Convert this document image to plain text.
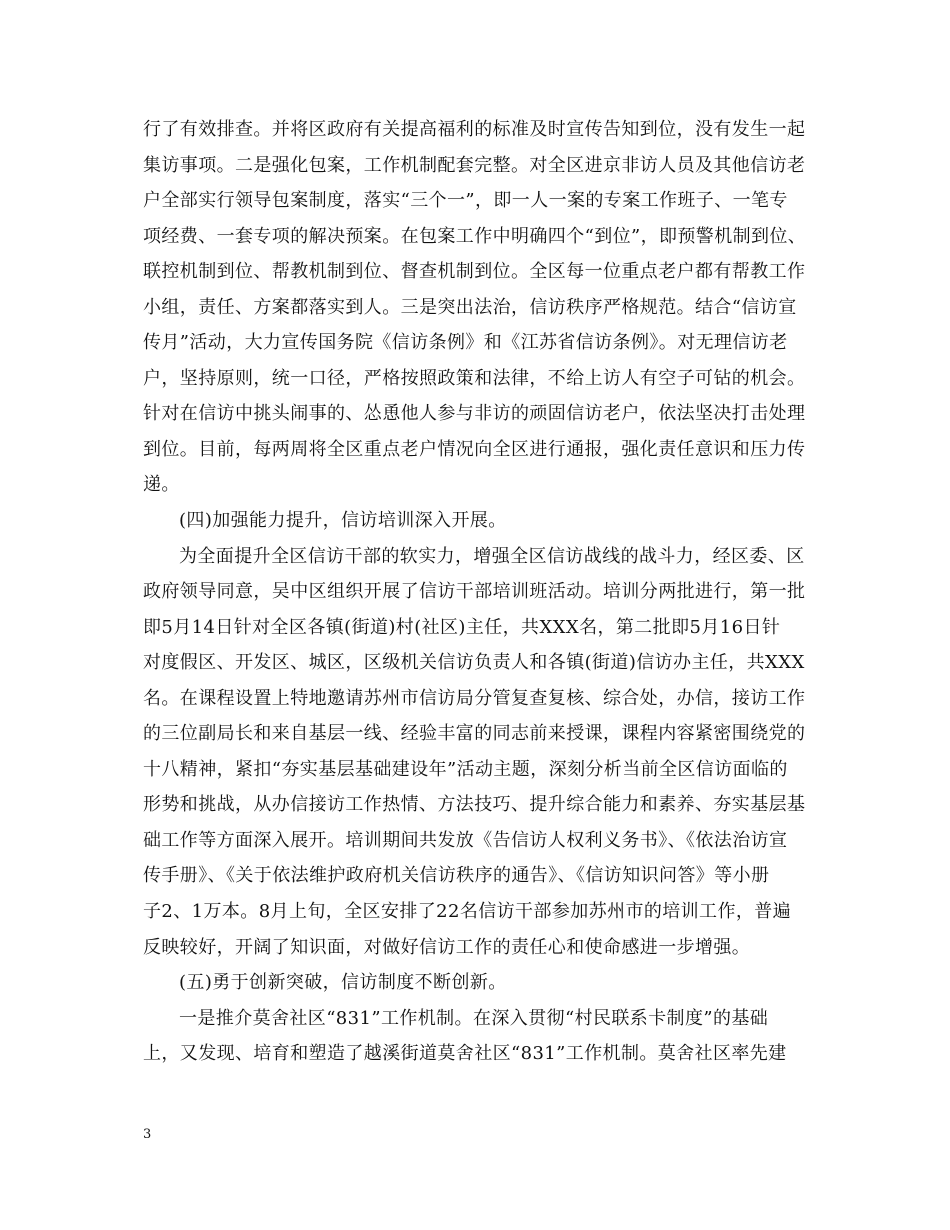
行了有效排查。并将区政府有关提高福利的标准及时宣传告知到位，没有发生一起
集访事项。二是强化包案，工作机制配套完整。对全区进京非访人员及其他信访老
户全部实行领导包案制度，落实“三个一”，即一人一案的专案工作班子、一笔专
项经费、一套专项的解决预案。在包案工作中明确四个“到位”，即预警机制到位、
联控机制到位、帮教机制到位、督查机制到位。全区每一位重点老户都有帮教工作
小组，责任、方案都落实到人。三是突出法治，信访秩序严格规范。结合“信访宣
传月”活动，大力宣传国务院《信访条例》和《江苏省信访条例》。对无理信访老
户，坚持原则，统一口径，严格按照政策和法律，不给上访人有空子可钻的机会。
针对在信访中挑头闹事的、怂恿他人参与非访的顽固信访老户，依法坚决打击处理
到位。目前，每两周将全区重点老户情况向全区进行通报，强化责任意识和压力传
递。
(四)加强能力提升，信访培训深入开展。
为全面提升全区信访干部的软实力，增强全区信访战线的战斗力，经区委、区
政府领导同意，吴中区组织开展了信访干部培训班活动。培训分两批进行，第一批
即5月14日针对全区各镇(街道)村(社区)主任，共XXX名，第二批即5月16日针
对度假区、开发区、城区，区级机关信访负责人和各镇(街道)信访办主任，共XXX
名。在课程设置上特地邀请苏州市信访局分管复查复核、综合处，办信，接访工作
的三位副局长和来自基层一线、经验丰富的同志前来授课，课程内容紧密围绕党的
十八精神，紧扣“夯实基层基础建设年”活动主题，深刻分析当前全区信访面临的
形势和挑战，从办信接访工作热情、方法技巧、提升综合能力和素养、夯实基层基
础工作等方面深入展开。培训期间共发放《告信访人权利义务书》、《依法治访宣
传手册》、《关于依法维护政府机关信访秩序的通告》、《信访知识问答》等小册
子2、1万本。8月上旬，全区安排了22名信访干部参加苏州市的培训工作，普遍
反映较好，开阔了知识面，对做好信访工作的责任心和使命感进一步增强。
(五)勇于创新突破，信访制度不断创新。
一是推介莫舍社区“831”工作机制。在深入贯彻“村民联系卡制度”的基础
上，又发现、培育和塑造了越溪街道莫舍社区“831”工作机制。莫舍社区率先建
3
